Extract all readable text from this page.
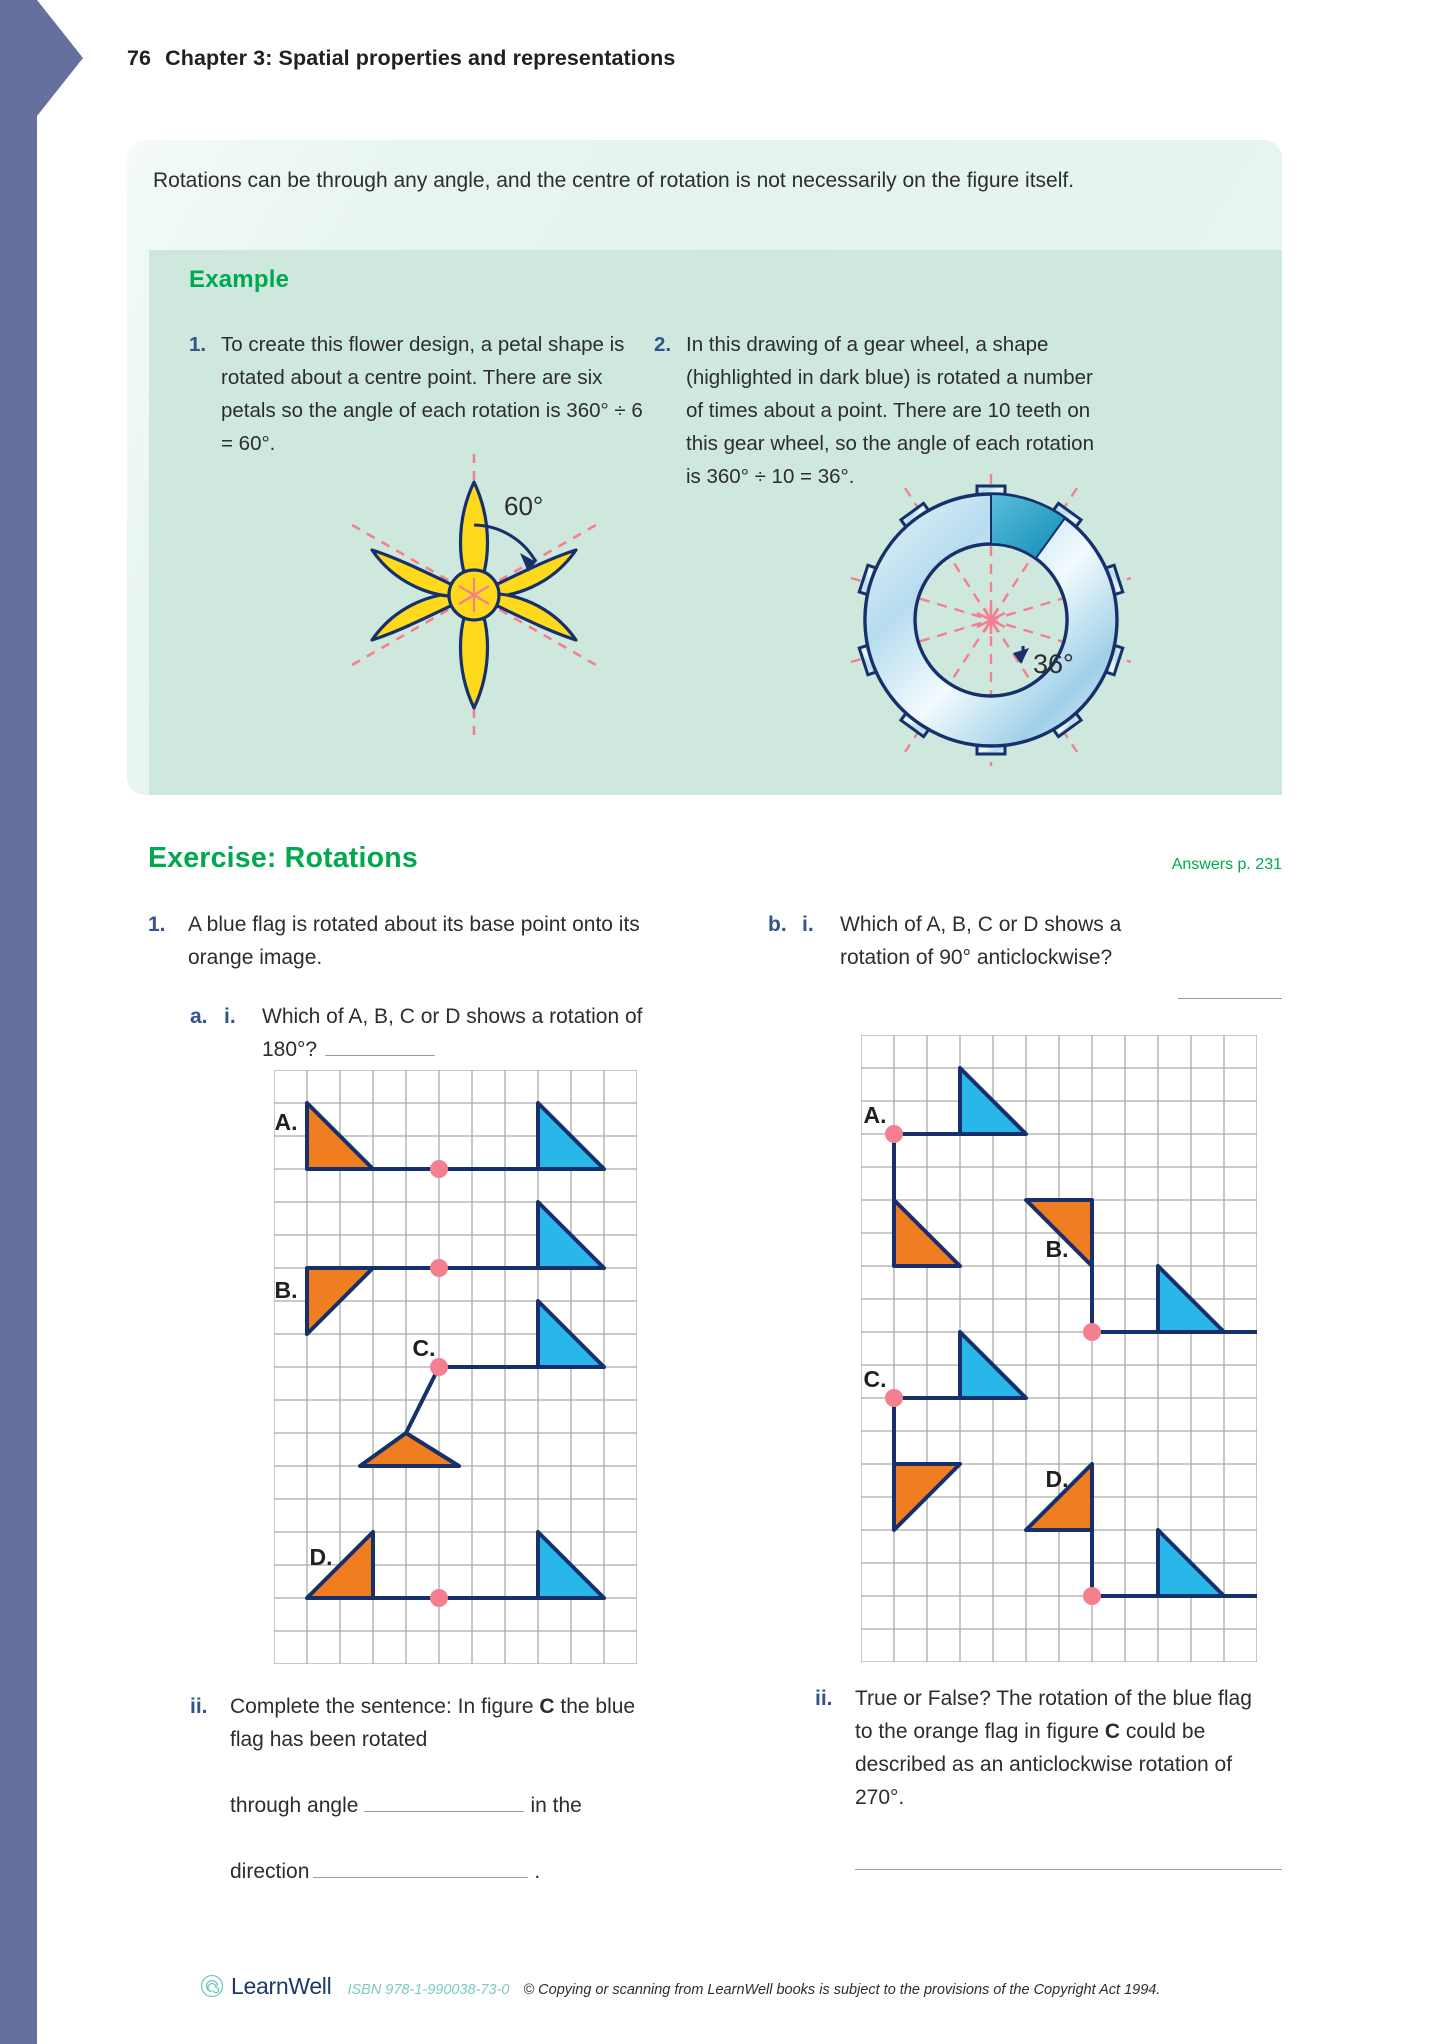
76 Chapter 3: Spatial properties and representations
Rotations can be through any angle, and the centre of rotation is not necessarily on the figure itself.
Example
1. To create this flower design, a petal shape is rotated about a centre point. There are six petals so the angle of each rotation is 360° ÷ 6 = 60°.
2. In this drawing of a gear wheel, a shape (highlighted in dark blue) is rotated a number of times about a point. There are 10 teeth on this gear wheel, so the angle of each rotation is 360° ÷ 10 = 36°.
60°
36°
Exercise: Rotations	Answers p. 231
1.	A blue flag is rotated about its base point onto its orange image.
a. i. Which of A, B, C or D shows a rotation of 180°?
b. i. Which of A, B, C or D shows a rotation of 90° anticlockwise?
A.
B.
C.
D.
A.
B.
C.
D.
ii. Complete the sentence: In figure C the blue flag has been rotated

through angle	in the

direction	.
ii. True or False? The rotation of the blue flag to the orange flag in figure C could be described as an anticlockwise rotation of 270°.
LearnWell ISBN 978-1-990038-73-0 © Copying or scanning from LearnWell books is subject to the provisions of the Copyright Act 1994.
